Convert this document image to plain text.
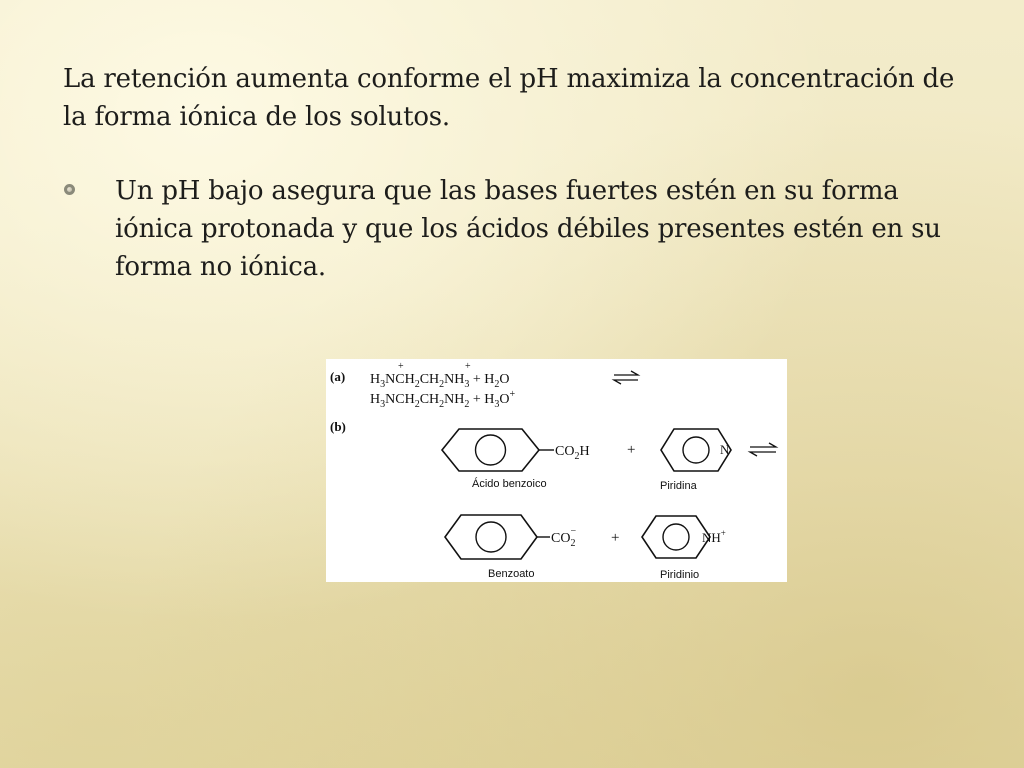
La retención aumenta conforme el pH maximiza la concentración de la forma iónica de los solutos.
Un pH bajo asegura que las bases fuertes estén en su forma iónica protonada y que los ácidos débiles presentes estén en su forma no iónica.
(a) $H_3NCH_2CH_2NH_3 + H_2O$
+	+
$H_3NCH_2CH_2NH_2 + H_3O^+$
(b)
$CO_2H$ +	N
Ácido benzoico	Piridina
$CO_2-$ +	NH+
Benzoato	Piridinio
